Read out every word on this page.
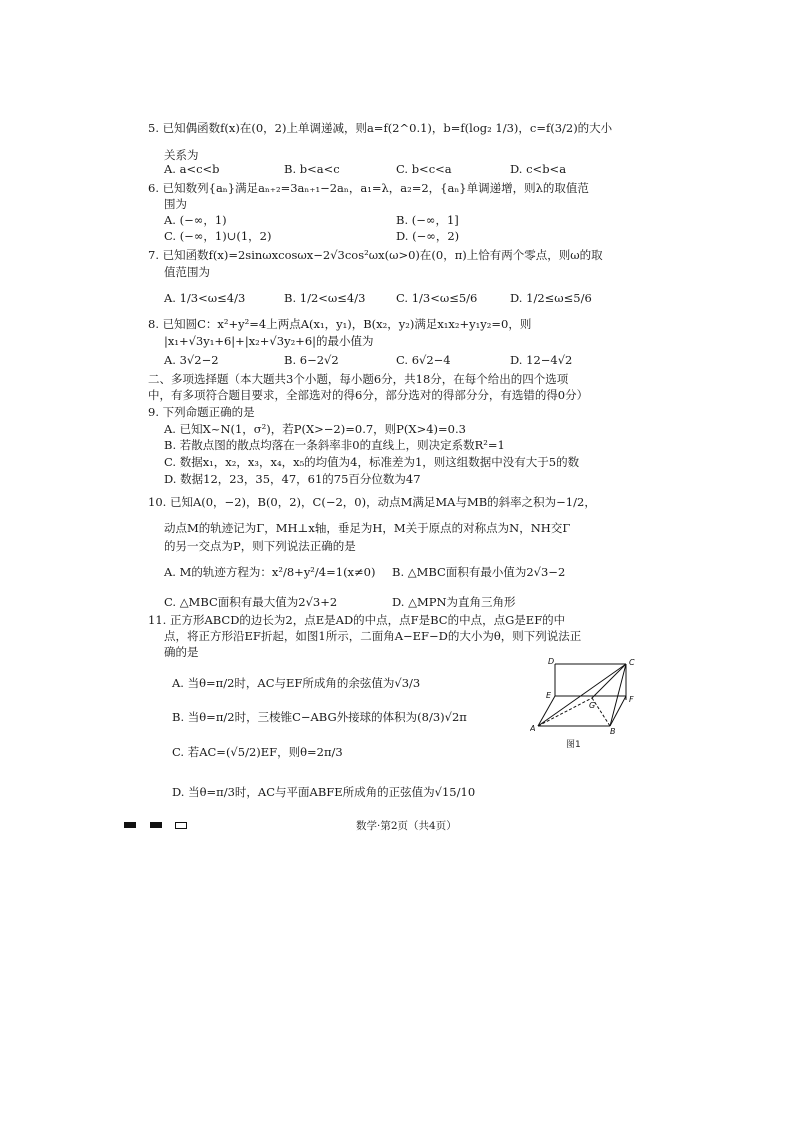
5. 已知偶函数f(x)在(0，2)上单调递减，则a=f(2^0.1)，b=f(log₂ 1/3)，c=f(3/2)的大小
关系为
A. a<c<b	B. b<a<c	C. b<c<a	D. c<b<a
6. 已知数列{aₙ}满足aₙ₊₂=3aₙ₊₁−2aₙ，a₁=λ，a₂=2，{aₙ}单调递增，则λ的取值范
围为
A. (−∞，1)	B. (−∞，1]
C. (−∞，1)∪(1，2)	D. (−∞，2)
7. 已知函数f(x)=2sinωxcosωx−2√3cos²ωx(ω>0)在(0，π)上恰有两个零点，则ω的取
值范围为
A. 1/3<ω≤4/3	B. 1/2<ω≤4/3	C. 1/3<ω≤5/6	D. 1/2≤ω≤5/6
8. 已知圆C：x²+y²=4上两点A(x₁，y₁)，B(x₂，y₂)满足x₁x₂+y₁y₂=0，则
|x₁+√3y₁+6|+|x₂+√3y₂+6|的最小值为
A. 3√2−2	B. 6−2√2	C. 6√2−4	D. 12−4√2
二、多项选择题（本大题共3个小题，每小题6分，共18分，在每个给出的四个选项
中，有多项符合题目要求，全部选对的得6分，部分选对的得部分分，有选错的得0分）
9. 下列命题正确的是
A. 已知X~N(1，σ²)，若P(X>−2)=0.7，则P(X>4)=0.3
B. 若散点图的散点均落在一条斜率非0的直线上，则决定系数R²=1
C. 数据x₁，x₂，x₃，x₄，x₅的均值为4，标准差为1，则这组数据中没有大于5的数
D. 数据12，23，35，47，61的75百分位数为47
10. 已知A(0，−2)，B(0，2)，C(−2，0)，动点M满足MA与MB的斜率之积为−1/2，
动点M的轨迹记为Γ，MH⊥x轴，垂足为H，M关于原点的对称点为N，NH交Γ
的另一交点为P，则下列说法正确的是
A. M的轨迹方程为：x²/8+y²/4=1(x≠0) B. △MBC面积有最小值为2√3−2
C. △MBC面积有最大值为2√3+2	D. △MPN为直角三角形
11. 正方形ABCD的边长为2，点E是AD的中点，点F是BC的中点，点G是EF的中
点，将正方形沿EF折起，如图1所示，二面角A−EF−D的大小为θ，则下列说法正
确的是
A. 当θ=π/2时，AC与EF所成角的余弦值为√3/3
B. 当θ=π/2时，三棱锥C−ABG外接球的体积为(8/3)√2π
C. 若AC=(√5/2)EF，则θ=2π/3
D. 当θ=π/3时，AC与平面ABFE所成角的正弦值为√15/10
D	C
E
G
F
A	B
图1
数学·第2页（共4页）
